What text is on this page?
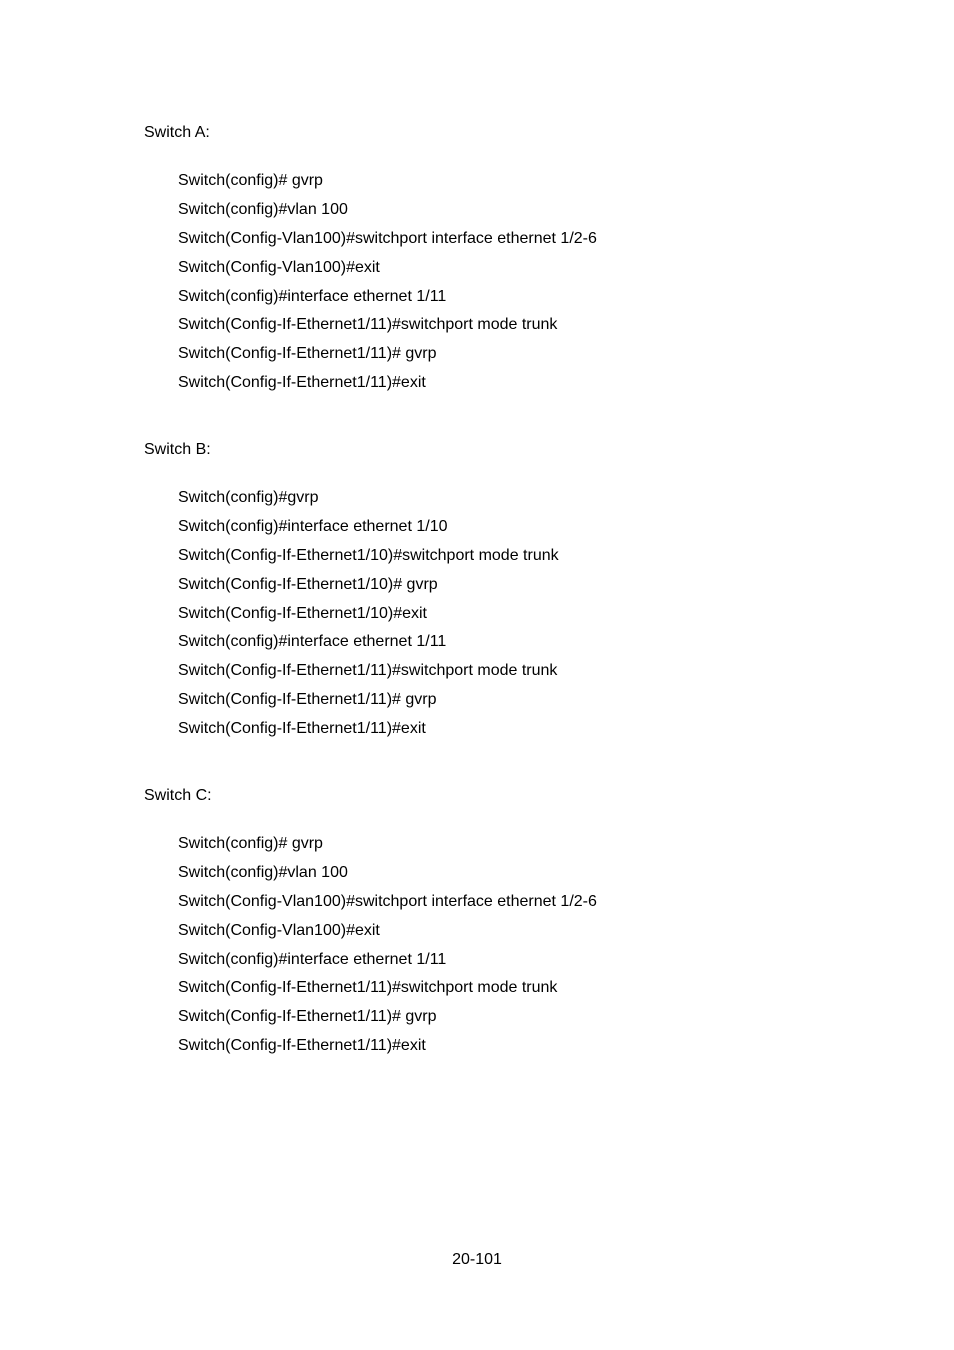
Switch A:

Switch(config)# gvrp
Switch(config)#vlan 100
Switch(Config-Vlan100)#switchport interface ethernet 1/2-6
Switch(Config-Vlan100)#exit
Switch(config)#interface ethernet 1/11
Switch(Config-If-Ethernet1/11)#switchport mode trunk
Switch(Config-If-Ethernet1/11)# gvrp
Switch(Config-If-Ethernet1/11)#exit

Switch B:

Switch(config)#gvrp
Switch(config)#interface ethernet 1/10
Switch(Config-If-Ethernet1/10)#switchport mode trunk
Switch(Config-If-Ethernet1/10)# gvrp
Switch(Config-If-Ethernet1/10)#exit
Switch(config)#interface ethernet 1/11
Switch(Config-If-Ethernet1/11)#switchport mode trunk
Switch(Config-If-Ethernet1/11)# gvrp
Switch(Config-If-Ethernet1/11)#exit

Switch C:

Switch(config)# gvrp
Switch(config)#vlan 100
Switch(Config-Vlan100)#switchport interface ethernet 1/2-6
Switch(Config-Vlan100)#exit
Switch(config)#interface ethernet 1/11
Switch(Config-If-Ethernet1/11)#switchport mode trunk
Switch(Config-If-Ethernet1/11)# gvrp
Switch(Config-If-Ethernet1/11)#exit
20-101
